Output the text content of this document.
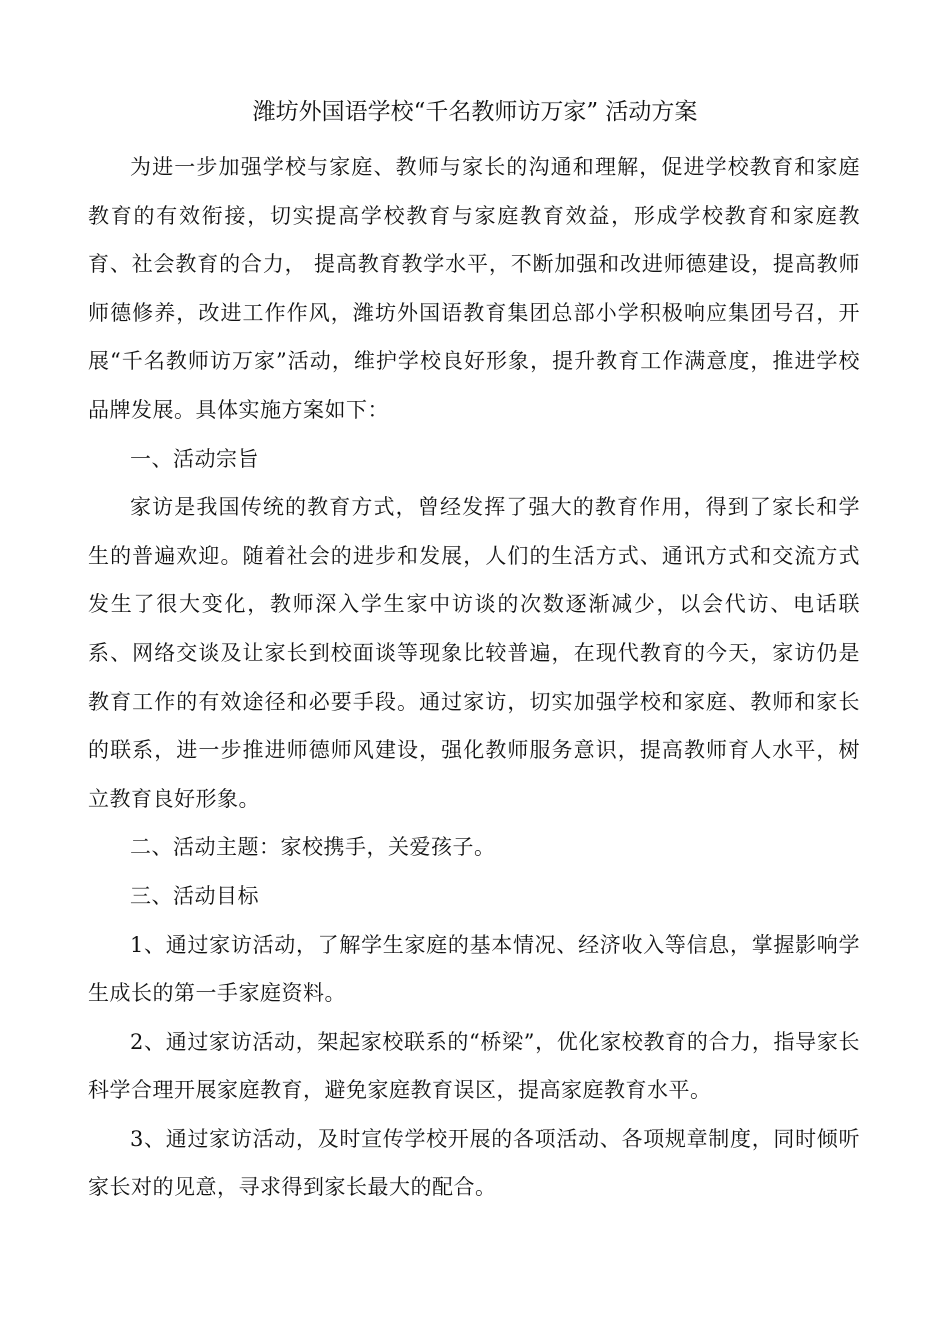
潍坊外国语学校“千名教师访万家” 活动方案

为进一步加强学校与家庭、教师与家长的沟通和理解，促进学校教育和家庭教育的有效衔接，切实提高学校教育与家庭教育效益，形成学校教育和家庭教育、社会教育的合力， 提高教育教学水平，不断加强和改进师德建设，提高教师师德修养，改进工作作风，潍坊外国语教育集团总部小学积极响应集团号召，开展“千名教师访万家”活动，维护学校良好形象，提升教育工作满意度，推进学校品牌发展。具体实施方案如下：

一、活动宗旨

家访是我国传统的教育方式，曾经发挥了强大的教育作用，得到了家长和学生的普遍欢迎。随着社会的进步和发展，人们的生活方式、通讯方式和交流方式发生了很大变化，教师深入学生家中访谈的次数逐渐减少，以会代访、电话联系、网络交谈及让家长到校面谈等现象比较普遍，在现代教育的今天，家访仍是教育工作的有效途径和必要手段。通过家访，切实加强学校和家庭、教师和家长的联系，进一步推进师德师风建设，强化教师服务意识，提高教师育人水平，树立教育良好形象。

二、活动主题：家校携手，关爱孩子。

三、活动目标

1、通过家访活动，了解学生家庭的基本情况、经济收入等信息，掌握影响学生成长的第一手家庭资料。

2、通过家访活动，架起家校联系的“桥梁”，优化家校教育的合力，指导家长科学合理开展家庭教育，避免家庭教育误区，提高家庭教育水平。

3、通过家访活动，及时宣传学校开展的各项活动、各项规章制度，同时倾听家长对的见意，寻求得到家长最大的配合。
